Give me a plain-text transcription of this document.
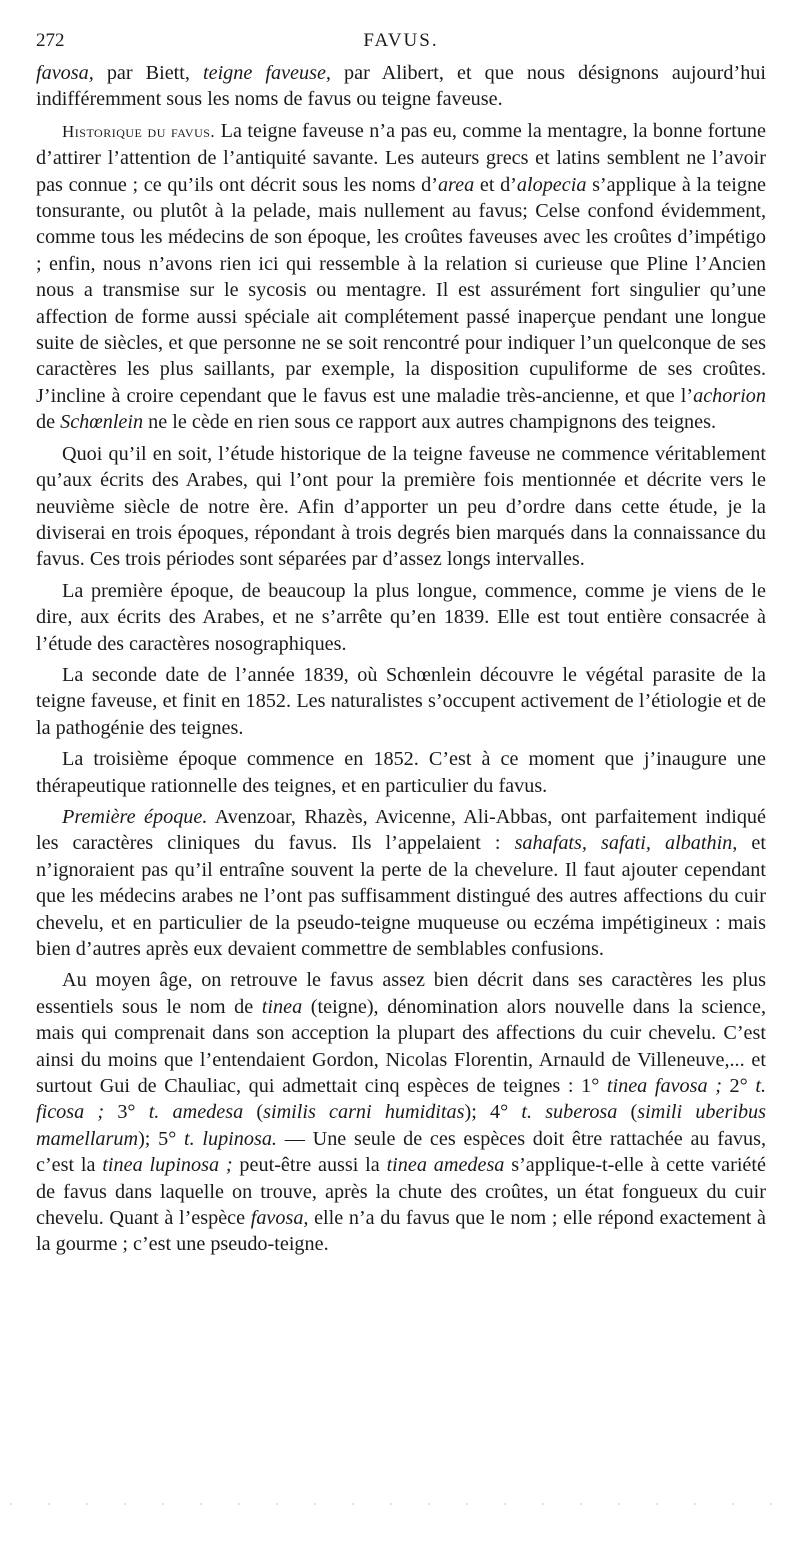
272	FAVUS.

favosa, par Biett, teigne faveuse, par Alibert, et que nous désignons aujourd’hui indifféremment sous les noms de favus ou teigne faveuse.

Historique du favus. La teigne faveuse n’a pas eu, comme la mentagre, la bonne fortune d’attirer l’attention de l’antiquité savante. Les auteurs grecs et latins semblent ne l’avoir pas connue ; ce qu’ils ont décrit sous les noms d’area et d’alopecia s’applique à la teigne tonsurante, ou plutôt à la pelade, mais nullement au favus; Celse confond évidemment, comme tous les médecins de son époque, les croûtes faveuses avec les croûtes d’impétigo ; enfin, nous n’avons rien ici qui ressemble à la relation si curieuse que Pline l’Ancien nous a transmise sur le sycosis ou mentagre. Il est assurément fort singulier qu’une affection de forme aussi spéciale ait complétement passé inaperçue pendant une longue suite de siècles, et que personne ne se soit rencontré pour indiquer l’un quelconque de ses caractères les plus saillants, par exemple, la disposition cupuliforme de ses croûtes. J’incline à croire cependant que le favus est une maladie très-ancienne, et que l’achorion de Schœnlein ne le cède en rien sous ce rapport aux autres champignons des teignes.

Quoi qu’il en soit, l’étude historique de la teigne faveuse ne commence véritablement qu’aux écrits des Arabes, qui l’ont pour la première fois mentionnée et décrite vers le neuvième siècle de notre ère. Afin d’apporter un peu d’ordre dans cette étude, je la diviserai en trois époques, répondant à trois degrés bien marqués dans la connaissance du favus. Ces trois périodes sont séparées par d’assez longs intervalles.

La première époque, de beaucoup la plus longue, commence, comme je viens de le dire, aux écrits des Arabes, et ne s’arrête qu’en 1839. Elle est tout entière consacrée à l’étude des caractères nosographiques.

La seconde date de l’année 1839, où Schœnlein découvre le végétal parasite de la teigne faveuse, et finit en 1852. Les naturalistes s’occupent activement de l’étiologie et de la pathogénie des teignes.

La troisième époque commence en 1852. C’est à ce moment que j’inaugure une thérapeutique rationnelle des teignes, et en particulier du favus.

Première époque. Avenzoar, Rhazès, Avicenne, Ali-Abbas, ont parfaitement indiqué les caractères cliniques du favus. Ils l’appelaient : sahafats, safati, albathin, et n’ignoraient pas qu’il entraîne souvent la perte de la chevelure. Il faut ajouter cependant que les médecins arabes ne l’ont pas suffisamment distingué des autres affections du cuir chevelu, et en particulier de la pseudo-teigne muqueuse ou eczéma impétigineux : mais bien d’autres après eux devaient commettre de semblables confusions.

Au moyen âge, on retrouve le favus assez bien décrit dans ses caractères les plus essentiels sous le nom de tinea (teigne), dénomination alors nouvelle dans la science, mais qui comprenait dans son acception la plupart des affections du cuir chevelu. C’est ainsi du moins que l’entendaient Gordon, Nicolas Florentin, Arnauld de Villeneuve,... et surtout Gui de Chauliac, qui admettait cinq espèces de teignes : 1° tinea favosa ; 2° t. ficosa ; 3° t. amedesa (similis carni humiditas); 4° t. suberosa (simili uberibus mamellarum); 5° t. lupinosa. — Une seule de ces espèces doit être rattachée au favus, c’est la tinea lupinosa ; peut-être aussi la tinea amedesa s’applique-t-elle à cette variété de favus dans laquelle on trouve, après la chute des croûtes, un état fongueux du cuir chevelu. Quant à l’espèce favosa, elle n’a du favus que le nom ; elle répond exactement à la gourme ; c’est une pseudo-teigne.
